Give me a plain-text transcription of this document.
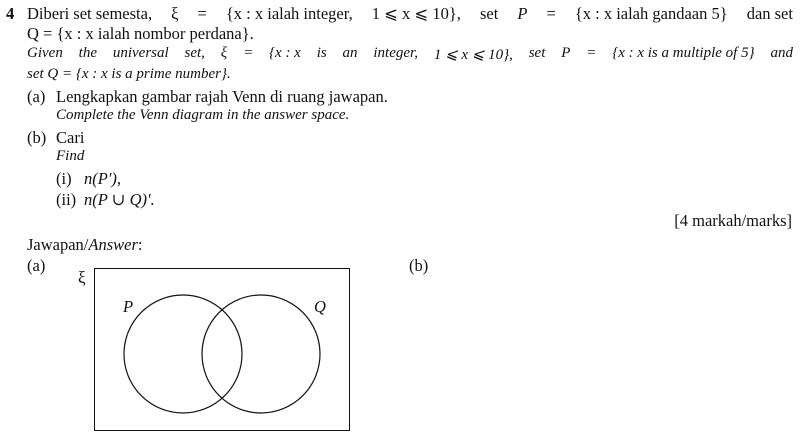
4 Diberi set semesta, ξ = {x : x ialah integer, 1 ⩽ x ⩽ 10}, set P = {x : x ialah gandaan 5} dan set
Q = {x : x ialah nombor perdana}.
Given the universal set, ξ = {x : x is an integer, 1 ⩽ x ⩽ 10}, set P = {x : x is a multiple of 5} and
set Q = {x : x is a prime number}.
(a) Lengkapkan gambar rajah Venn di ruang jawapan.
Complete the Venn diagram in the answer space.
(b) Cari
Find
(i) n(P′),
(ii) n(P ∪ Q)′.
[4 markah/marks]
Jawapan/Answer:
(a)	(b)
ξ
P	Q
